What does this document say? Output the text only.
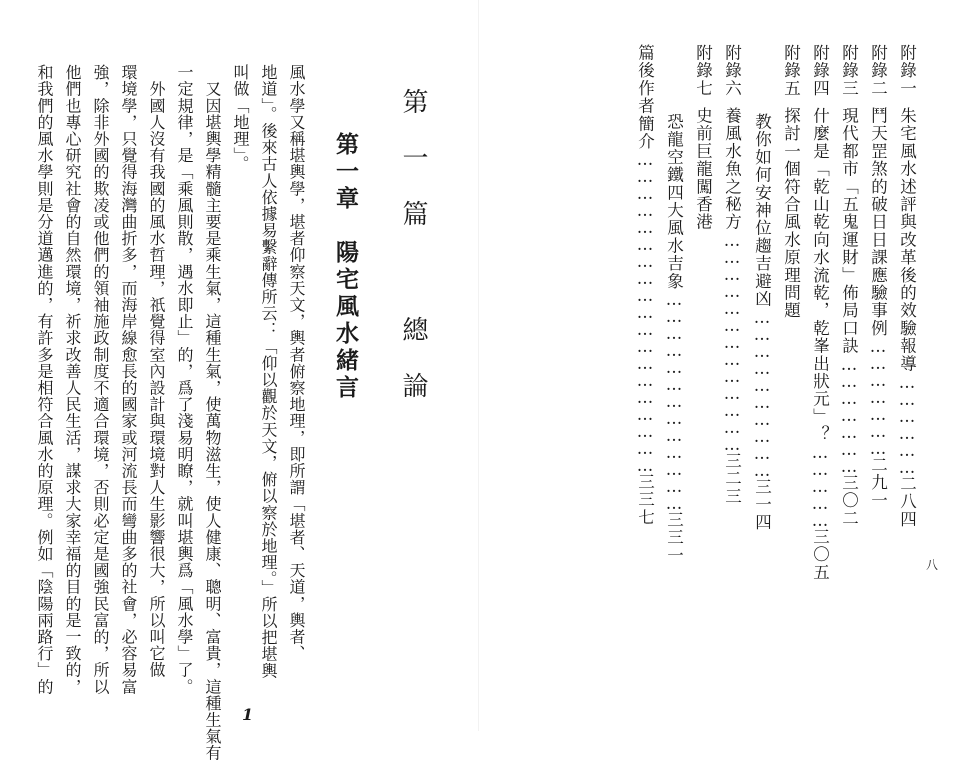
八
附錄一朱宅風水述評與改革後的效驗報導………………二八四
附錄二鬥天罡煞的破日日課應驗事例…………………二九一
附錄三現代都市「五鬼運財」佈局口訣…………………三〇二
附錄四什麼是「乾山乾向水流乾，乾峯出狀元」？……………三〇五
附錄五探討一個符合風水原理問題
教你如何安神位趨吉避凶…………………………三一四
附錄六養風水魚之秘方…………………………………三二三
附錄七史前巨龍闖香港
恐龍空鐵四大風水吉象…………………………………三三一
篇後作者簡介…………………………………………………三三七
第一篇 總論
第一章　陽宅風水緒言
風水學又稱堪輿學，堪者仰察天文，輿者俯察地理，即所謂「堪者、天道，輿者、
地道」。後來古人依據易繫辭傳所云：「仰以觀於天文，俯以察於地理。」所以把堪輿
叫做「地理」。
　又因堪輿學精髓主要是乘生氣，這種生氣，使萬物滋生，使人健康、聰明、富貴，這種生氣有
一定規律，是「乘風則散，遇水即止」的，爲了淺易明瞭，就叫堪輿爲「風水學」了。
　外國人沒有我國的風水哲理，祇覺得室內設計與環境對人生影響很大，所以叫它做
環境學，只覺得海灣曲折多，而海岸線愈長的國家或河流長而彎曲多的社會，必容易富
強，除非外國的欺凌或他們的領袖施政制度不適合環境，否則必定是國強民富的，所以
他們也專心研究社會的自然環境，祈求改善人民生活，謀求大家幸福的目的是一致的，
和我們的風水學則是分道邁進的，有許多是相符合風水的原理。例如「陰陽兩路行」的
1
